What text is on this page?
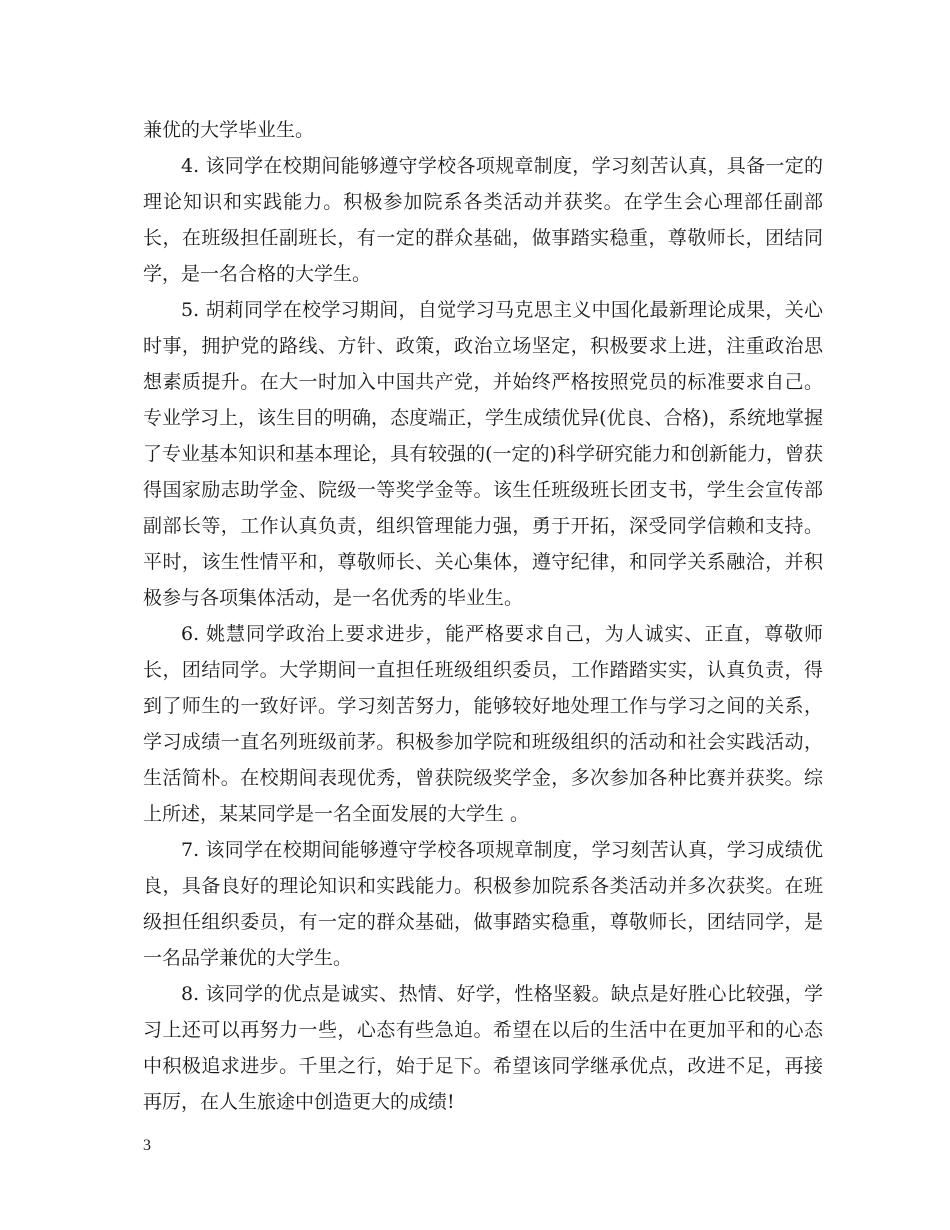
兼优的大学毕业生。

4. 该同学在校期间能够遵守学校各项规章制度，学习刻苦认真，具备一定的理论知识和实践能力。积极参加院系各类活动并获奖。在学生会心理部任副部长，在班级担任副班长，有一定的群众基础，做事踏实稳重，尊敬师长，团结同学，是一名合格的大学生。

5. 胡莉同学在校学习期间，自觉学习马克思主义中国化最新理论成果，关心时事，拥护党的路线、方针、政策，政治立场坚定，积极要求上进，注重政治思想素质提升。在大一时加入中国共产党，并始终严格按照党员的标准要求自己。专业学习上，该生目的明确，态度端正，学生成绩优异(优良、合格)，系统地掌握了专业基本知识和基本理论，具有较强的(一定的)科学研究能力和创新能力，曾获得国家励志助学金、院级一等奖学金等。该生任班级班长团支书，学生会宣传部副部长等，工作认真负责，组织管理能力强，勇于开拓，深受同学信赖和支持。平时，该生性情平和，尊敬师长、关心集体，遵守纪律，和同学关系融洽，并积极参与各项集体活动，是一名优秀的毕业生。

6. 姚慧同学政治上要求进步，能严格要求自己，为人诚实、正直，尊敬师长，团结同学。大学期间一直担任班级组织委员，工作踏踏实实，认真负责，得到了师生的一致好评。学习刻苦努力，能够较好地处理工作与学习之间的关系，学习成绩一直名列班级前茅。积极参加学院和班级组织的活动和社会实践活动，生活简朴。在校期间表现优秀，曾获院级奖学金，多次参加各种比赛并获奖。综上所述，某某同学是一名全面发展的大学生 。

7. 该同学在校期间能够遵守学校各项规章制度，学习刻苦认真，学习成绩优良，具备良好的理论知识和实践能力。积极参加院系各类活动并多次获奖。在班级担任组织委员，有一定的群众基础，做事踏实稳重，尊敬师长，团结同学，是一名品学兼优的大学生。

8. 该同学的优点是诚实、热情、好学，性格坚毅。缺点是好胜心比较强，学习上还可以再努力一些，心态有些急迫。希望在以后的生活中在更加平和的心态中积极追求进步。千里之行，始于足下。希望该同学继承优点，改进不足，再接再厉，在人生旅途中创造更大的成绩!

3
